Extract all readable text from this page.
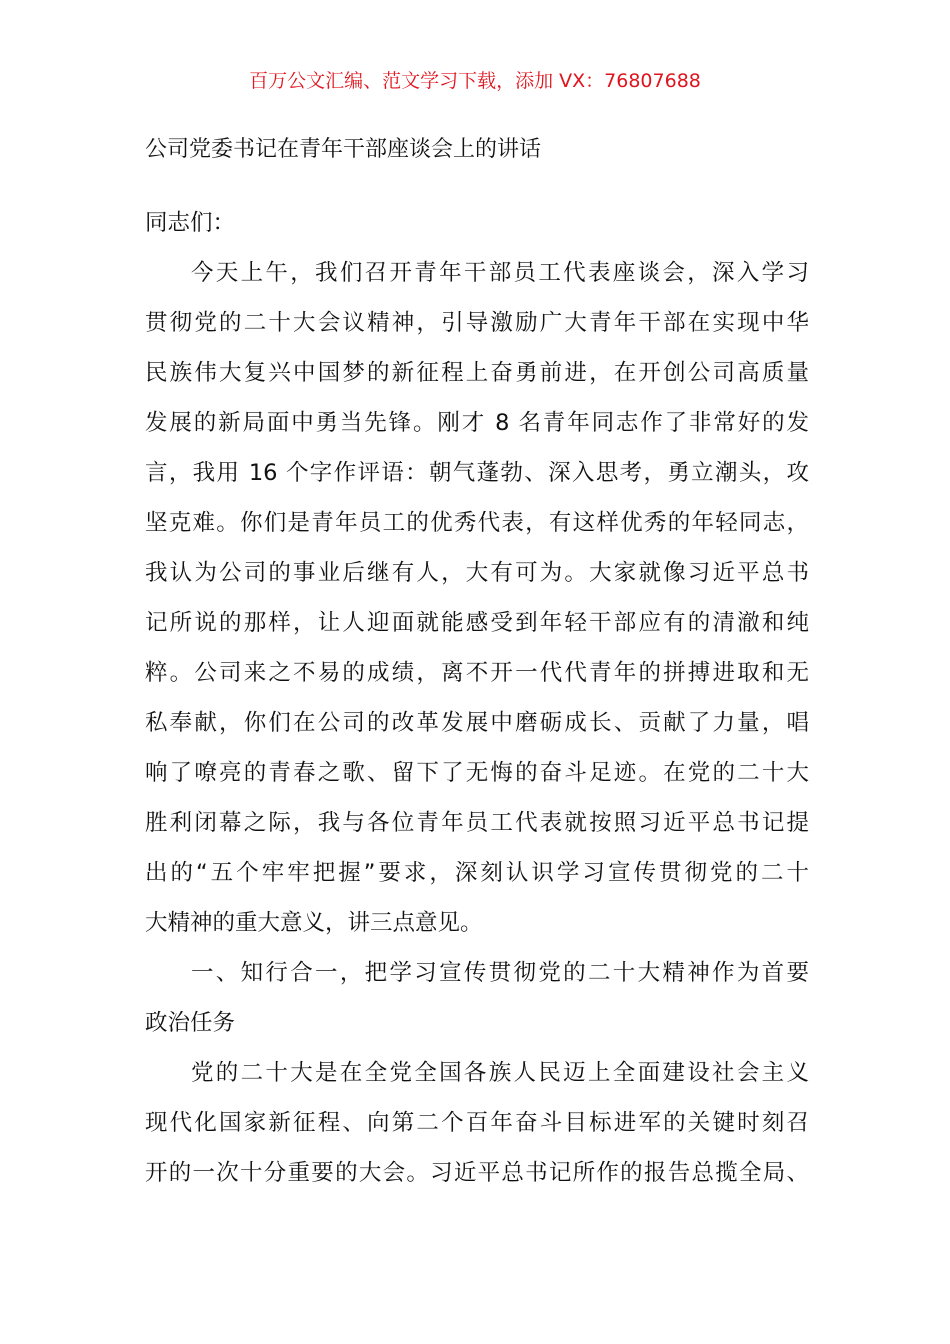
百万公文汇编、范文学习下载，添加 VX：76807688
公司党委书记在青年干部座谈会上的讲话
同志们：
今天上午，我们召开青年干部员工代表座谈会，深入学习
贯彻党的二十大会议精神，引导激励广大青年干部在实现中华
民族伟大复兴中国梦的新征程上奋勇前进，在开创公司高质量
发展的新局面中勇当先锋。刚才 8 名青年同志作了非常好的发
言，我用 16 个字作评语：朝气蓬勃、深入思考，勇立潮头，攻
坚克难。你们是青年员工的优秀代表，有这样优秀的年轻同志，
我认为公司的事业后继有人，大有可为。大家就像习近平总书
记所说的那样，让人迎面就能感受到年轻干部应有的清澈和纯
粹。公司来之不易的成绩，离不开一代代青年的拼搏进取和无
私奉献，你们在公司的改革发展中磨砺成长、贡献了力量，唱
响了嘹亮的青春之歌、留下了无悔的奋斗足迹。在党的二十大
胜利闭幕之际，我与各位青年员工代表就按照习近平总书记提
出的“五个牢牢把握”要求，深刻认识学习宣传贯彻党的二十
大精神的重大意义，讲三点意见。
一、知行合一，把学习宣传贯彻党的二十大精神作为首要
政治任务
党的二十大是在全党全国各族人民迈上全面建设社会主义
现代化国家新征程、向第二个百年奋斗目标进军的关键时刻召
开的一次十分重要的大会。习近平总书记所作的报告总揽全局、
